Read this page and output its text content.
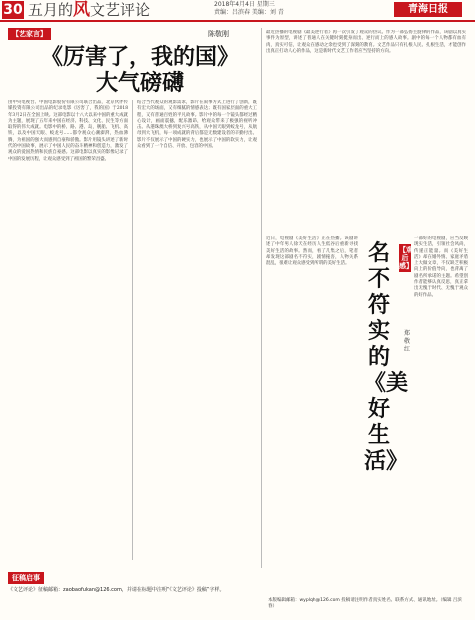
30 五月的风文艺评论	2018年4月4日 星期三
责编：吕滨春 美编：刘 青	青海日报
【艺家言】	陈敬刚
《厉害了，我的国》
大气磅礴
由中央电视台、中国电影股份有限公司联合出品，北京伙伴传媒投资有限公司出品的纪录电影《厉害了，我的国》于2018年3月2日在全国上映。这部电影以十八大以来中国的重大成就为主题，展现了五年来中国在经济、科技、文化、民生等方面取得的伟大成就。电影中的桥、路、港、岛，舰船、飞机、高铁，以及中国天眼、蛟龙号……都令观众心潮澎湃，热血沸腾，为祖国的强大而感到自豪和骄傲。影片用镜头讲述了新时代的中国故事，展示了中国人民的奋斗精神和创造力，激发了观众的爱国热情和民族自豪感。这部电影以真实的影像记录了中国的发展历程，让观众感受到了祖国的繁荣昌盛。
结合当代观众的观影需求，影片在叙事方式上进行了创新，既有宏大的场面，又有细腻的情感表达；既有国家层面的重大工程，又有普通百姓的平凡故事。影片中的每一个镜头都经过精心设计，画面震撼，配乐激昂，给观众带来了极强的视听冲击。从港珠澳大桥到复兴号高铁，从中国天眼到蛟龙号，从航母到大飞机，每一项成就的背后都是无数建设者的辛勤付出。影片不仅展示了中国的硬实力，也展示了中国的软实力，让观众看到了一个自信、开放、包容的中国。
最近热播的电视剧《最美逆行者》再一次引发了观众的热议。作为一部弘扬主旋律的作品，该剧以真实事件为原型，讲述了普通人在关键时刻挺身而出、逆行而上的感人故事。剧中的每一个人物都有血有肉，真实可信，让观众在感动之余也受到了深刻的教育。文艺作品只有扎根人民、扎根生活，才能创作出真正打动人心的作品，这是新时代文艺工作者应当坚持的方向。
【观后感】
名不符实的《美好生活》
郑敬红
近日，电视剧《美好生活》正在热播。该剧讲述了中年男人徐天在经历人生低谷后重新寻找美好生活的故事。然而，看了几集之后，笔者却发现这部剧名不符实，剧情拖沓，人物关系混乱，很难让观众感受到所谓的美好生活。
一部好的电视剧，应当反映现实生活，引领社会风尚，传递正能量。而《美好生活》却在婚外情、家庭矛盾上大做文章，不仅缺乏积极向上的价值导向，也背离了剧名所承诺的主题。希望创作者能够认真反思，真正拿出无愧于时代、无愧于观众的好作品。
征稿启事
《文艺评论》征稿邮箱：zaobaofukan@126.com，并请在标题中注明“《文艺评论》投稿”字样。
本版编辑邮箱：wyplqh@126.com 投稿请注明作者真实姓名、联系方式、通讯地址。（编辑 吕滨春）
